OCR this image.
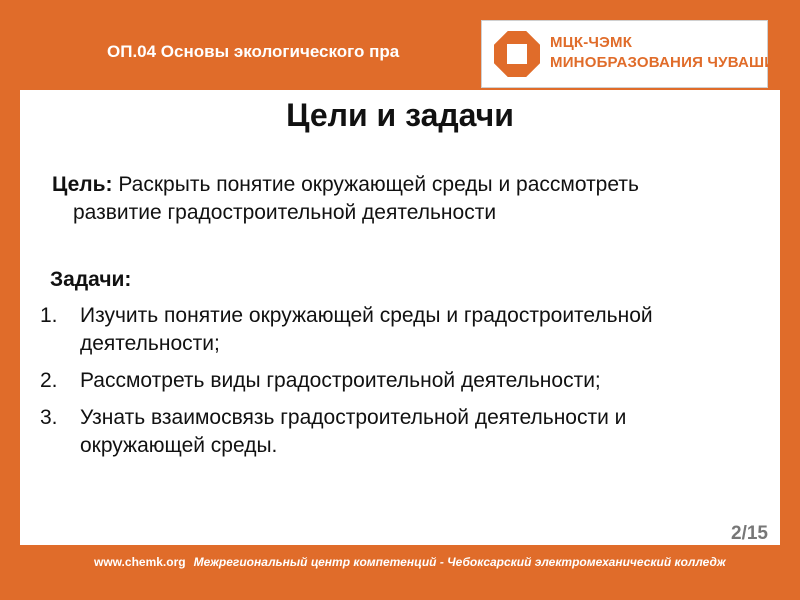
ОП.04 Основы экологического пра	МЦК-ЧЭМК
МИНОБРАЗОВАНИЯ ЧУВАШИИ
Цели и задачи
Цель: Раскрыть понятие окружающей среды и рассмотреть развитие градостроительной деятельности
Задачи:
1. Изучить понятие окружающей среды и градостроительной деятельности;
2. Рассмотреть виды градостроительной деятельности;
3. Узнать взаимосвязь градостроительной деятельности и окружающей среды.
2/15
www.chemk.org Межрегиональный центр компетенций - Чебоксарский электромеханический колледж
